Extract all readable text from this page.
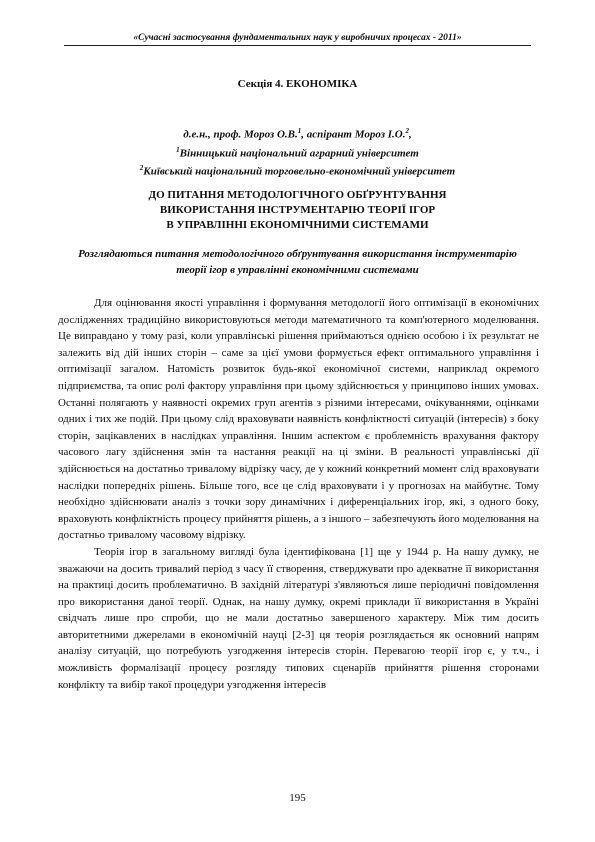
«Сучасні застосування фундаментальних наук у виробничих процесах - 2011»
Секція 4. ЕКОНОМІКА
д.е.н., проф. Мороз О.В.$^1$, аспірант Мороз І.О.$^2$,
$^1$Вінницький національний аграрний університет
$^2$Київський національний торговельно-економічний університет
ДО ПИТАННЯ МЕТОДОЛОГІЧНОГО ОБҐРУНТУВАННЯ
ВИКОРИСТАННЯ ІНСТРУМЕНТАРІЮ ТЕОРІЇ ІГОР
В УПРАВЛІННІ ЕКОНОМІЧНИМИ СИСТЕМАМИ
Розглядаються питання методологічного обґрунтування використання інструментарію теорії ігор в управлінні економічними системами

Для оцінювання якості управління і формування методології його оптимізації в економічних дослідженнях традиційно використовуються методи математичного та комп'ютерного моделювання. Це виправдано у тому разі, коли управлінські рішення приймаються однією особою і їх результат не залежить від дій інших сторін – саме за цієї умови формується ефект оптимального управління і оптимізації загалом. Натомість розвиток будь-якої економічної системи, наприклад окремого підприємства, та опис ролі фактору управління при цьому здійснюється у принципово інших умовах. Останні полягають у наявності окремих груп агентів з різними інтересами, очікуваннями, оцінками одних і тих же подій. При цьому слід враховувати наявність конфліктності ситуацій (інтересів) з боку сторін, зацікавлених в наслідках управління. Іншим аспектом є проблемність врахування фактору часового лагу здійснення змін та настання реакції на ці зміни. В реальності управлінські дії здійснюється на достатньо тривалому відрізку часу, де у кожний конкретний момент слід враховувати наслідки попередніх рішень. Більше того, все це слід враховувати і у прогнозах на майбутнє. Тому необхідно здійснювати аналіз з точки зору динамічних і диференціальних ігор, які, з одного боку, враховують конфліктність процесу прийняття рішень, а з іншого – забезпечують його моделювання на достатньо тривалому часовому відрізку.

Теорія ігор в загальному вигляді була ідентифікована [1] ще у 1944 р. На нашу думку, не зважаючи на досить тривалий період з часу її створення, стверджувати про адекватне її використання на практиці досить проблематично. В західній літературі з'являються лише періодичні повідомлення про використання даної теорії. Однак, на нашу думку, окремі приклади її використання в Україні свідчать лише про спроби, що не мали достатньо завершеного характеру. Між тим досить авторитетними джерелами в економічній науці [2-3] ця теорія розглядається як основний напрям аналізу ситуацій, що потребують узгодження інтересів сторін. Перевагою теорії ігор є, у т.ч., і можливість формалізації процесу розгляду типових сценаріїв прийняття рішення сторонами конфлікту та вибір такої процедури узгодження інтересів

195
